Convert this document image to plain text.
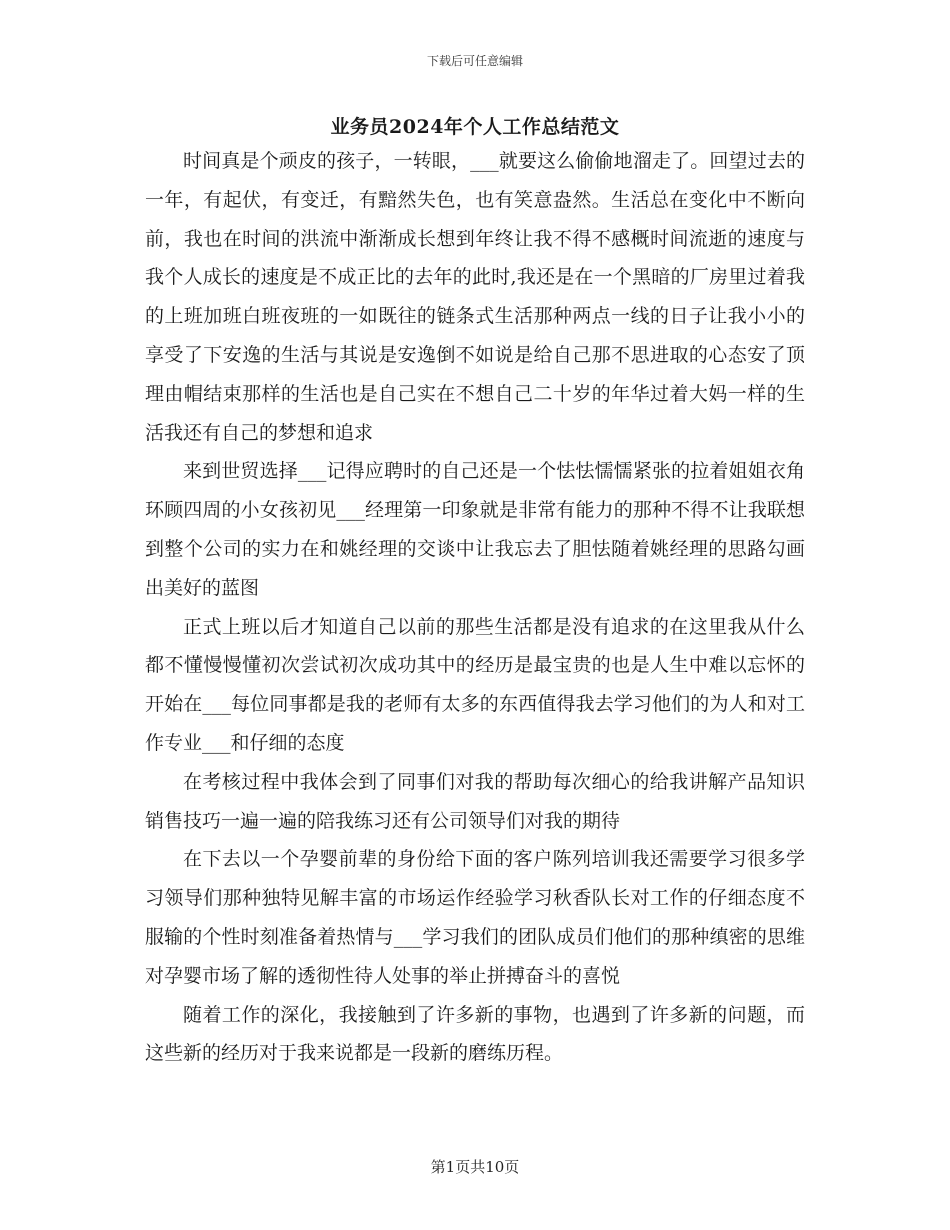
下载后可任意编辑
业务员2024年个人工作总结范文

时间真是个顽皮的孩子，一转眼，___就要这么偷偷地溜走了。回望过去的一年，有起伏，有变迁，有黯然失色，也有笑意盎然。生活总在变化中不断向前，我也在时间的洪流中渐渐成长想到年终让我不得不感概时间流逝的速度与我个人成长的速度是不成正比的去年的此时,我还是在一个黑暗的厂房里过着我的上班加班白班夜班的一如既往的链条式生活那种两点一线的日子让我小小的享受了下安逸的生活与其说是安逸倒不如说是给自己那不思进取的心态安了顶理由帽结束那样的生活也是自己实在不想自己二十岁的年华过着大妈一样的生活我还有自己的梦想和追求

来到世贸选择___记得应聘时的自己还是一个怯怯懦懦紧张的拉着姐姐衣角环顾四周的小女孩初见___经理第一印象就是非常有能力的那种不得不让我联想到整个公司的实力在和姚经理的交谈中让我忘去了胆怯随着姚经理的思路勾画出美好的蓝图

正式上班以后才知道自己以前的那些生活都是没有追求的在这里我从什么都不懂慢慢懂初次尝试初次成功其中的经历是最宝贵的也是人生中难以忘怀的开始在___每位同事都是我的老师有太多的东西值得我去学习他们的为人和对工作专业___和仔细的态度

在考核过程中我体会到了同事们对我的帮助每次细心的给我讲解产品知识销售技巧一遍一遍的陪我练习还有公司领导们对我的期待

在下去以一个孕婴前辈的身份给下面的客户陈列培训我还需要学习很多学习领导们那种独特见解丰富的市场运作经验学习秋香队长对工作的仔细态度不服输的个性时刻准备着热情与___学习我们的团队成员们他们的那种缜密的思维对孕婴市场了解的透彻性待人处事的举止拼搏奋斗的喜悦

随着工作的深化，我接触到了许多新的事物，也遇到了许多新的问题，而这些新的经历对于我来说都是一段新的磨练历程。

第1页共10页
